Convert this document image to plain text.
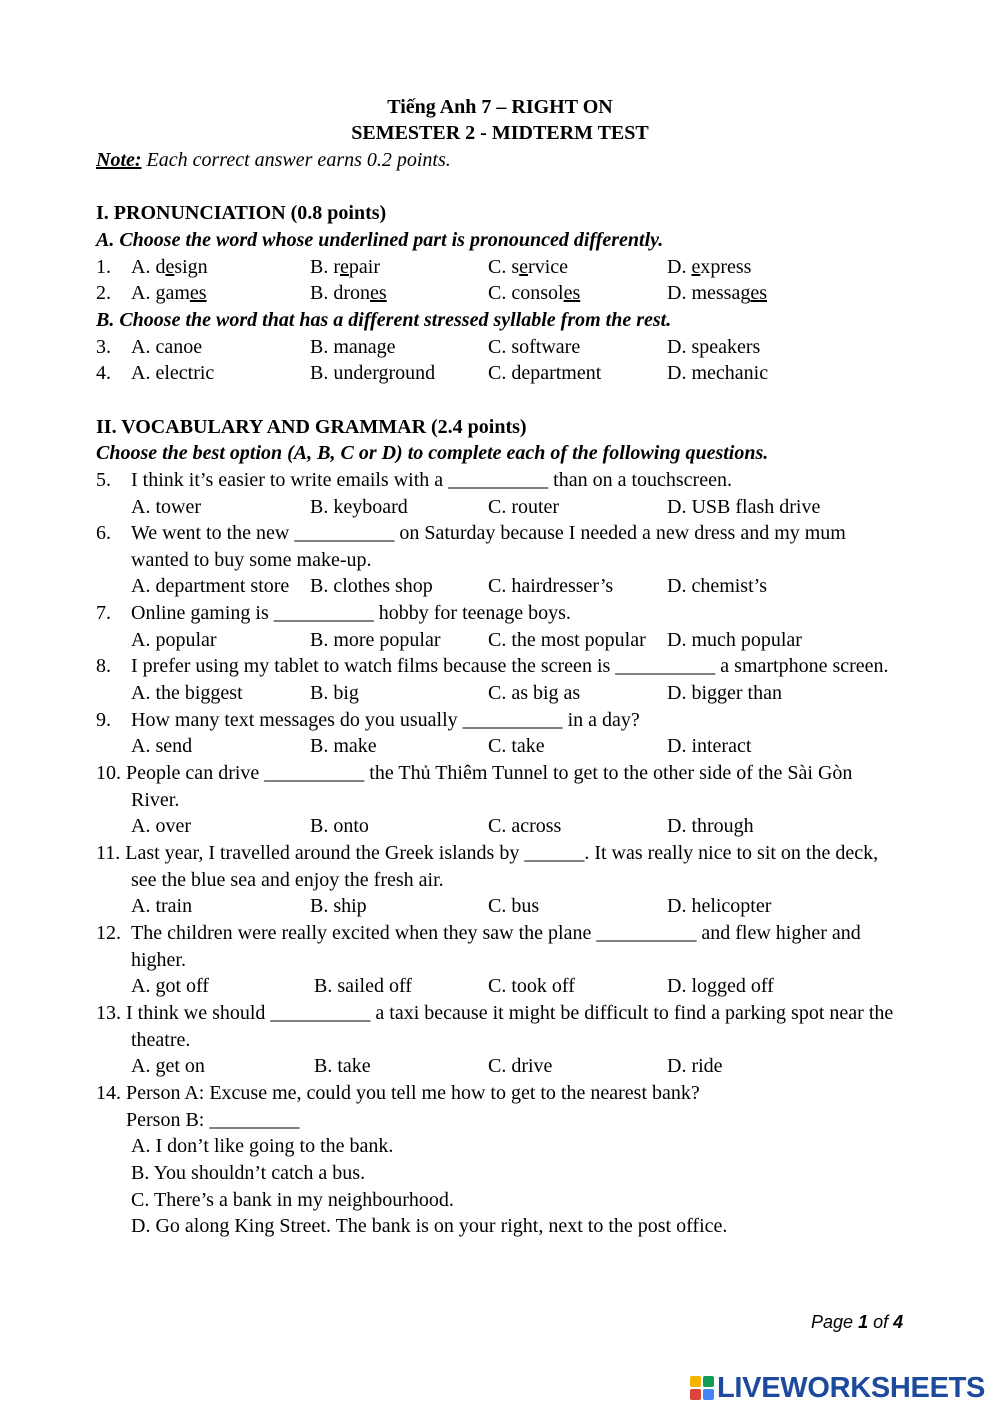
Tiếng Anh 7 – RIGHT ON
SEMESTER 2 - MIDTERM TEST
Note: Each correct answer earns 0.2 points.
I. PRONUNCIATION (0.8 points)
A. Choose the word whose underlined part is pronounced differently.
1. A. design	B. repair	C. service	D. express
2. A. games	B. drones	C. consoles	D. messages
B. Choose the word that has a different stressed syllable from the rest.
3. A. canoe	B. manage	C. software	D. speakers
4. A. electric	B. underground	C. department	D. mechanic
II. VOCABULARY AND GRAMMAR (2.4 points)
Choose the best option (A, B, C or D) to complete each of the following questions.
5. I think it’s easier to write emails with a __________ than on a touchscreen.
A. tower	B. keyboard	C. router	D. USB flash drive
6. We went to the new __________ on Saturday because I needed a new dress and my mum
wanted to buy some make-up.
A. department store B. clothes shop	C. hairdresser’s	D. chemist’s
7. Online gaming is __________ hobby for teenage boys.
A. popular	B. more popular C. the most popular D. much popular
8. I prefer using my tablet to watch films because the screen is __________ a smartphone screen.
A. the biggest	B. big	C. as big as	D. bigger than
9. How many text messages do you usually __________ in a day?
A. send	B. make	C. take	D. interact
10. People can drive __________ the Thủ Thiêm Tunnel to get to the other side of the Sài Gòn
River.
A. over	B. onto	C. across	D. through
11. Last year, I travelled around the Greek islands by ______. It was really nice to sit on the deck,
see the blue sea and enjoy the fresh air.
A. train	B. ship	C. bus	D. helicopter
12. The children were really excited when they saw the plane __________ and flew higher and
higher.
A. got off	B. sailed off	C. took off	D. logged off
13. I think we should __________ a taxi because it might be difficult to find a parking spot near the
theatre.
A. get on	B. take	C. drive	D. ride
14. Person A: Excuse me, could you tell me how to get to the nearest bank?
Person B: _________
A. I don’t like going to the bank.
B. You shouldn’t catch a bus.
C. There’s a bank in my neighbourhood.
D. Go along King Street. The bank is on your right, next to the post office.
Page 1 of 4
LIVEWORKSHEETS
